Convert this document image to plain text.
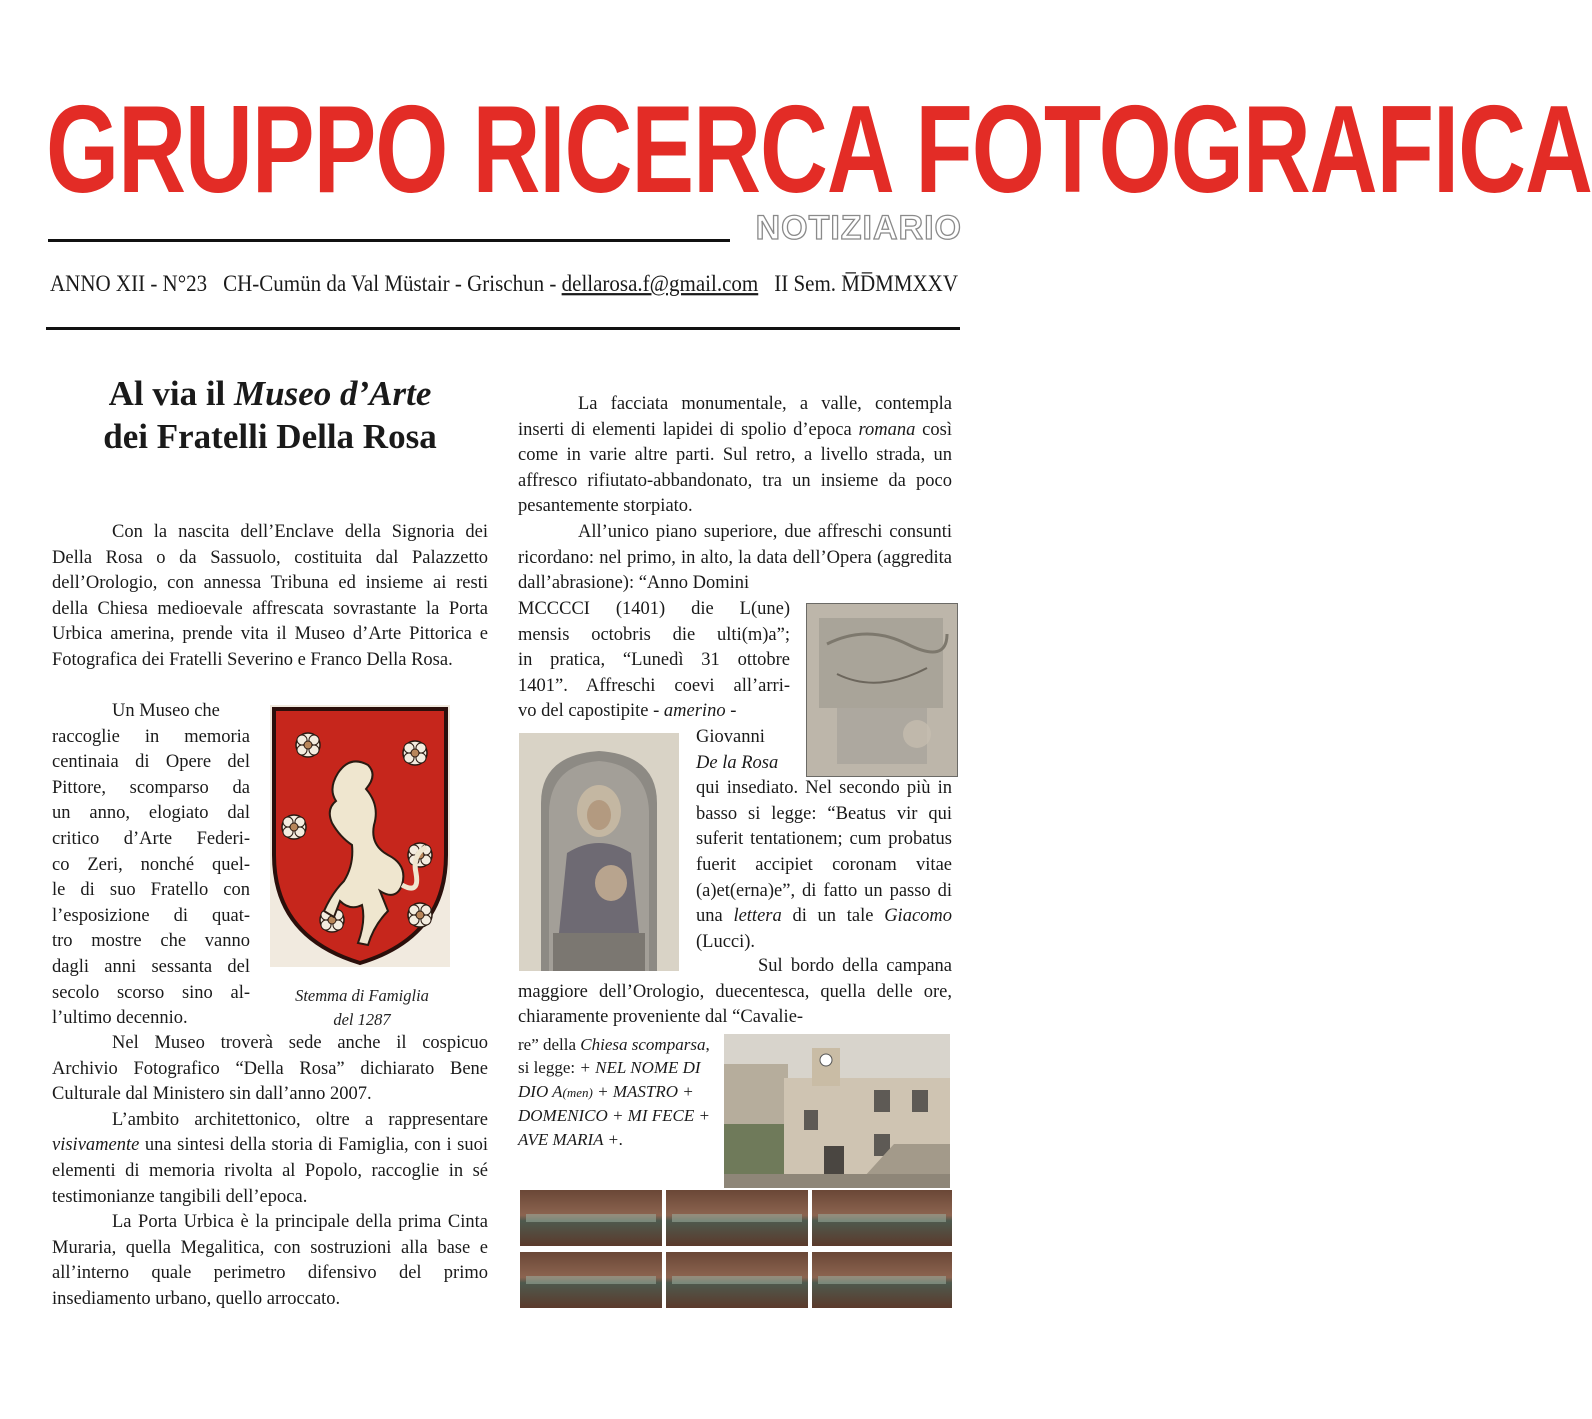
GRUPPO RICERCA FOTOGRAFICA
NOTIZIARIO
ANNO XII - N°23 CH-Cumün da Val Müstair - Grischun - dellarosa.f@gmail.com II Sem. M̅D̅MMXXV
Al via il Museo d’Arte
dei Fratelli Della Rosa

Con la nascita dell’Enclave della Signoria dei Della Rosa o da Sassuolo, costituita dal Palazzetto dell’Orologio, con annessa Tribuna ed insieme ai resti della Chiesa medioevale affrescata sovrastante la Porta Urbica amerina, prende vita il Museo d’Arte Pittorica e Fotografica dei Fratelli Severino e Franco Della Rosa.

Un Museo che

raccoglie in memoria

centinaia di Opere del

Pittore, scomparso da

un anno, elogiato dal

critico d’Arte Federi-

co Zeri, nonché quel-

le di suo Fratello con

l’esposizione di quat-

tro mostre che vanno

dagli anni sessanta del

secolo scorso sino al-

l’ultimo decennio.

Stemma di Famiglia
del 1287

Nel Museo troverà sede anche il cospicuo Archivio Fotografico “Della Rosa” dichiarato Bene Culturale dal Ministero sin dall’anno 2007.

L’ambito architettonico, oltre a rappresentare visivamente una sintesi della storia di Famiglia, con i suoi elementi di memoria rivolta al Popolo, raccoglie in sé testimonianze tangibili dell’epoca.

La Porta Urbica è la principale della prima Cinta Muraria, quella Megalitica, con sostruzioni alla base e all’interno quale perimetro difensivo del primo insediamento urbano, quello arroccato.

La facciata monumentale, a valle, contempla inserti di elementi lapidei di spolio d’epoca romana così come in varie altre parti. Sul retro, a livello strada, un affresco rifiutato-abbandonato, tra un insieme da poco pesantemente storpiato.

All’unico piano superiore, due affreschi consunti ricordano: nel primo, in alto, la data dell’Opera (aggredita dall’abrasione): “Anno Domini

MCCCCI (1401) die L(une)

mensis octobris die ulti(m)a”;

in pratica, “Lunedì 31 ottobre

1401”. Affreschi coevi all’arri-

vo del capostipite - amerino -

Giovanni

De la Rosa

qui insediato. Nel secondo più in basso si legge: “Beatus vir qui suferit tentationem; cum probatus fuerit accipiet coronam vitae (a)et(erna)e”, di fatto un passo di una lettera di un tale Giacomo (Lucci).

Sul bordo della campana maggiore dell’Orologio, duecentesca, quella delle ore, chiaramente proveniente dal “Cavalie-

re” della Chiesa scomparsa, si legge: + NEL NOME DI DIO A(men) + MASTRO + DOMENICO + MI FECE + AVE MARIA +.
